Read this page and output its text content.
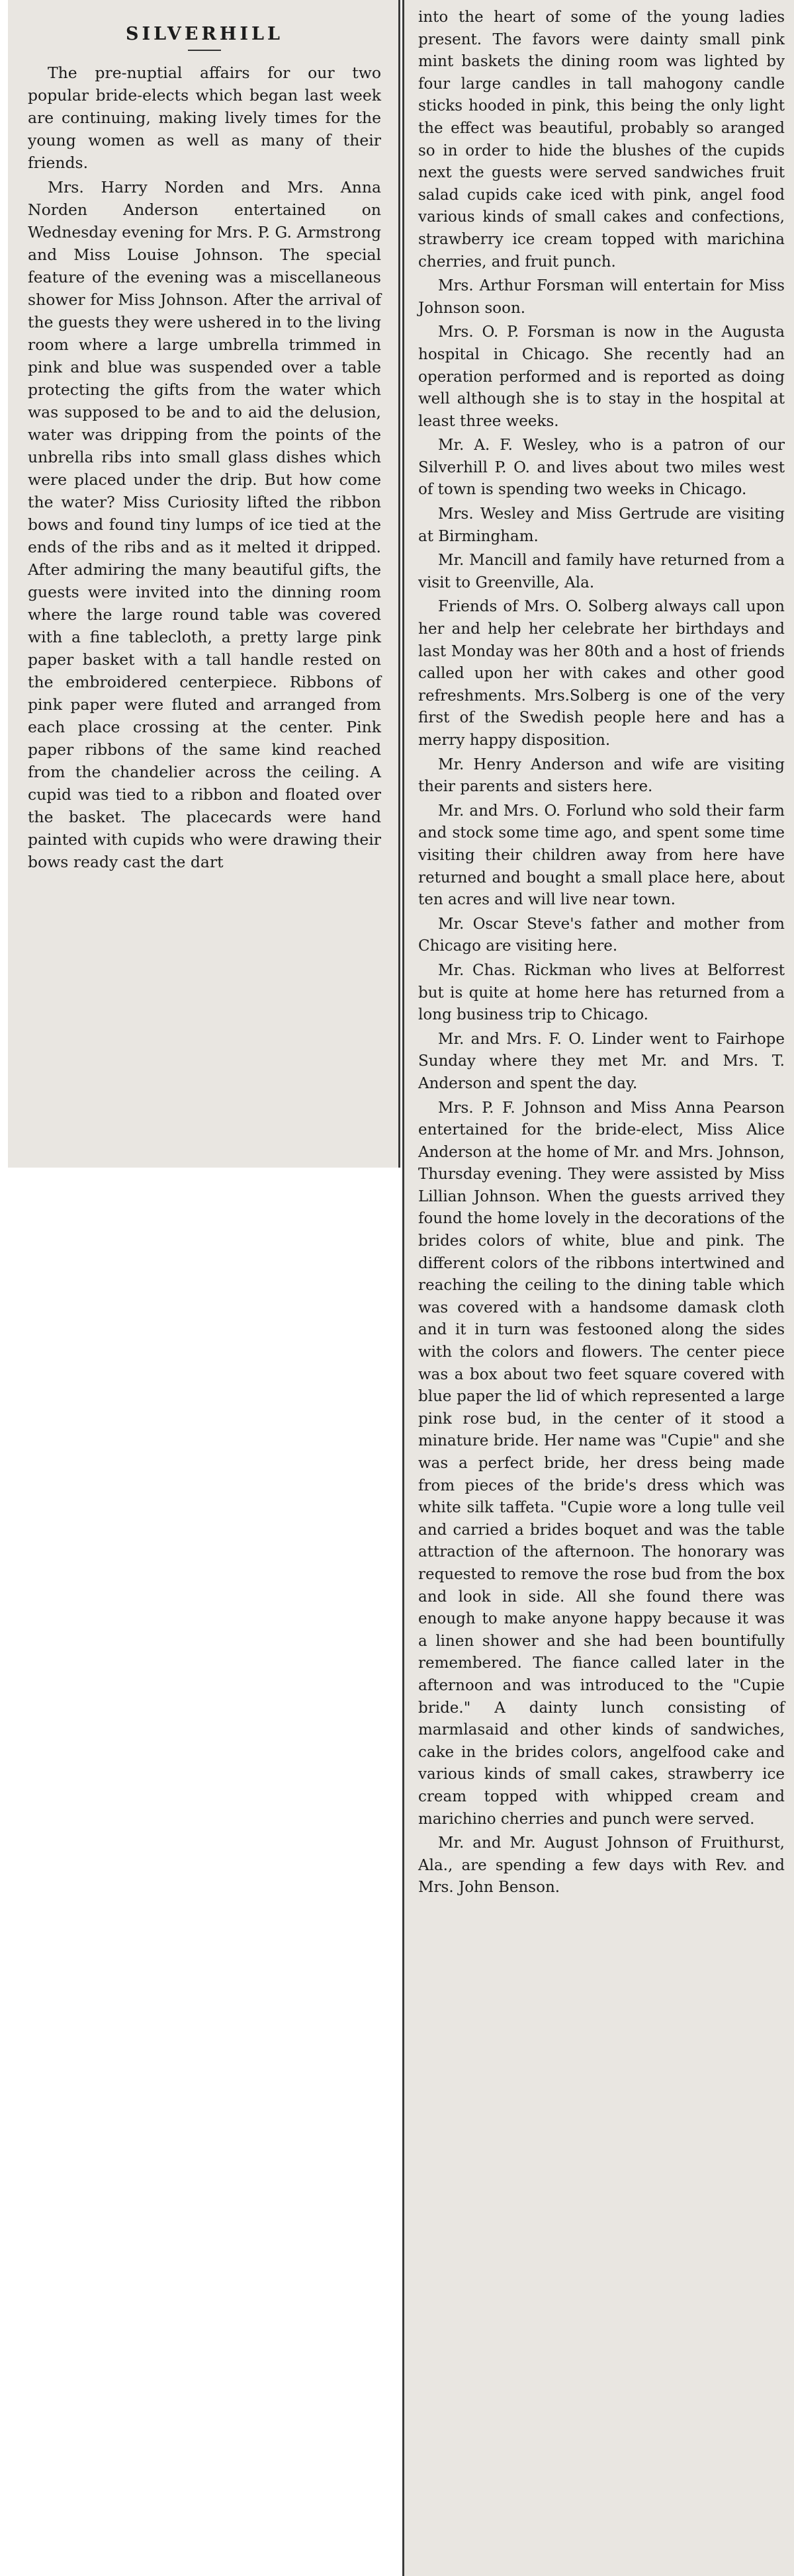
SILVERHILL

The pre-nuptial affairs for our two popular bride-elects which began last week are continuing, making lively times for the young women as well as many of their friends.

Mrs. Harry Norden and Mrs. Anna Norden Anderson entertained on Wednesday evening for Mrs. P. G. Armstrong and Miss Louise Johnson. The special feature of the evening was a miscellaneous shower for Miss Johnson. After the arrival of the guests they were ushered in to the living room where a large umbrella trimmed in pink and blue was suspended over a table protecting the gifts from the water which was supposed to be and to aid the delusion, water was dripping from the points of the unbrella ribs into small glass dishes which were placed under the drip. But how come the water? Miss Curiosity lifted the ribbon bows and found tiny lumps of ice tied at the ends of the ribs and as it melted it dripped. After admiring the many beautiful gifts, the guests were invited into the dinning room where the large round table was covered with a fine tablecloth, a pretty large pink paper basket with a tall handle rested on the embroidered centerpiece. Ribbons of pink paper were fluted and arranged from each place crossing at the center. Pink paper ribbons of the same kind reached from the chandelier across the ceiling. A cupid was tied to a ribbon and floated over the basket. The placecards were hand painted with cupids who were drawing their bows ready cast the dart

into the heart of some of the young ladies present. The favors were dainty small pink mint baskets the dining room was lighted by four large candles in tall mahogony candle sticks hooded in pink, this being the only light the effect was beautiful, probably so aranged so in order to hide the blushes of the cupids next the guests were served sandwiches fruit salad cupids cake iced with pink, angel food various kinds of small cakes and confections, strawberry ice cream topped with marichina cherries, and fruit punch.

Mrs. Arthur Forsman will entertain for Miss Johnson soon.

Mrs. O. P. Forsman is now in the Augusta hospital in Chicago. She recently had an operation performed and is reported as doing well although she is to stay in the hospital at least three weeks.

Mr. A. F. Wesley, who is a patron of our Silverhill P. O. and lives about two miles west of town is spending two weeks in Chicago.

Mrs. Wesley and Miss Gertrude are visiting at Birmingham.

Mr. Mancill and family have returned from a visit to Greenville, Ala.

Friends of Mrs. O. Solberg always call upon her and help her celebrate her birthdays and last Monday was her 80th and a host of friends called upon her with cakes and other good refreshments. Mrs.Solberg is one of the very first of the Swedish people here and has a merry happy disposition.

Mr. Henry Anderson and wife are visiting their parents and sisters here.

Mr. and Mrs. O. Forlund who sold their farm and stock some time ago, and spent some time visiting their children away from here have returned and bought a small place here, about ten acres and will live near town.

Mr. Oscar Steve's father and mother from Chicago are visiting here.

Mr. Chas. Rickman who lives at Belforrest but is quite at home here has returned from a long business trip to Chicago.

Mr. and Mrs. F. O. Linder went to Fairhope Sunday where they met Mr. and Mrs. T. Anderson and spent the day.

Mrs. P. F. Johnson and Miss Anna Pearson entertained for the bride-elect, Miss Alice Anderson at the home of Mr. and Mrs. Johnson, Thursday evening. They were assisted by Miss Lillian Johnson. When the guests arrived they found the home lovely in the decorations of the brides colors of white, blue and pink. The different colors of the ribbons intertwined and reaching the ceiling to the dining table which was covered with a handsome damask cloth and it in turn was festooned along the sides with the colors and flowers. The center piece was a box about two feet square covered with blue paper the lid of which represented a large pink rose bud, in the center of it stood a minature bride. Her name was "Cupie" and she was a perfect bride, her dress being made from pieces of the bride's dress which was white silk taffeta. "Cupie wore a long tulle veil and carried a brides boquet and was the table attraction of the afternoon. The honorary was requested to remove the rose bud from the box and look in side. All she found there was enough to make anyone happy because it was a linen shower and she had been bountifully remembered. The fiance called later in the afternoon and was introduced to the "Cupie bride." A dainty lunch consisting of marmlasaid and other kinds of sandwiches, cake in the brides colors, angelfood cake and various kinds of small cakes, strawberry ice cream topped with whipped cream and marichino cherries and punch were served.

Mr. and Mr. August Johnson of Fruithurst, Ala., are spending a few days with Rev. and Mrs. John Benson.
